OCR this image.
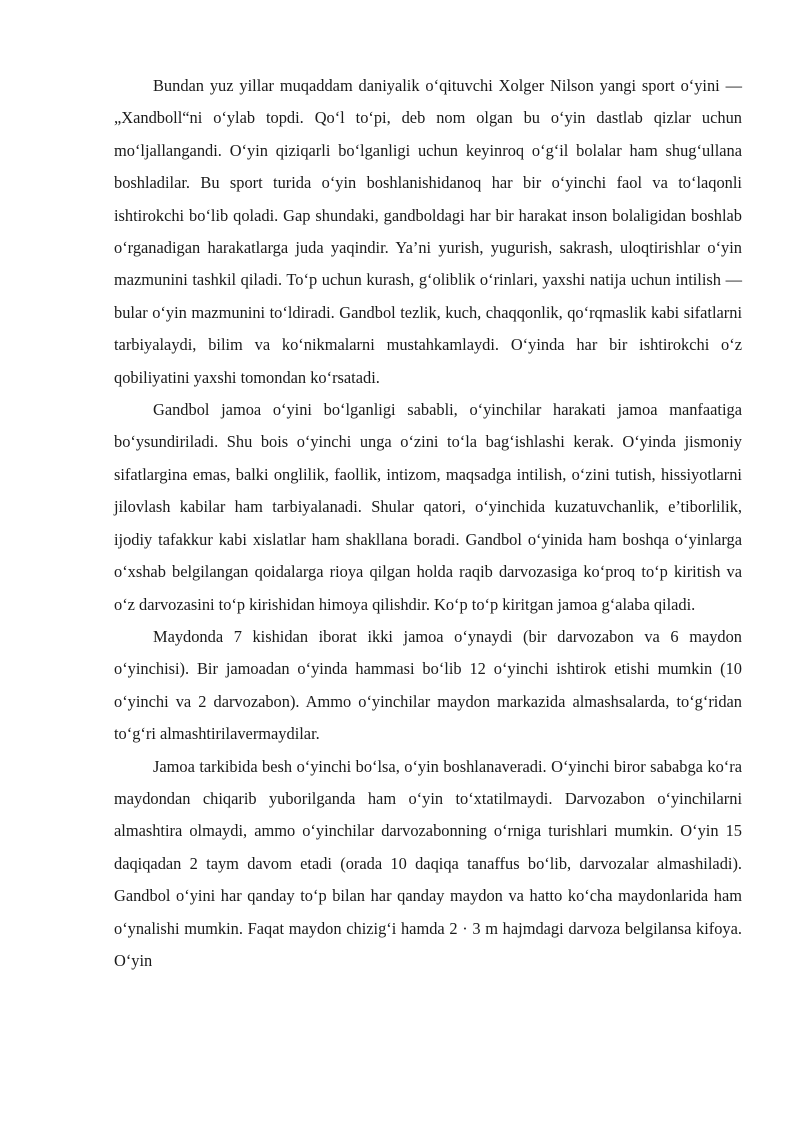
Bundan yuz yillar muqaddam daniyalik o‘qituvchi Xolger Nilson yangi sport o‘yini — „Xandboll“ni o‘ylab topdi. Qo‘l to‘pi, deb nom olgan bu o‘yin dastlab qizlar uchun mo‘ljallangandi. O‘yin qiziqarli bo‘lganligi uchun keyinroq o‘g‘il bolalar ham shug‘ullana boshladilar. Bu sport turida o‘yin boshlanishidanoq har bir o‘yinchi faol va to‘laqonli ishtirokchi bo‘lib qoladi. Gap shundaki, gandboldagi har bir harakat inson bolaligidan boshlab o‘rganadigan harakatlarga juda yaqindir. Ya’ni yurish, yugurish, sakrash, uloqtirishlar o‘yin mazmunini tashkil qiladi. To‘p uchun kurash, g‘oliblik o‘rinlari, yaxshi natija uchun intilish — bular o‘yin mazmunini to‘ldiradi. Gandbol tezlik, kuch, chaqqonlik, qo‘rqmaslik kabi sifatlarni tarbiyalaydi, bilim va ko‘nikmalarni mustahkamlaydi. O‘yinda har bir ishtirokchi o‘z qobiliyatini yaxshi tomondan ko‘rsatadi.

Gandbol jamoa o‘yini bo‘lganligi sababli, o‘yinchilar harakati jamoa manfaatiga bo‘ysundiriladi. Shu bois o‘yinchi unga o‘zini to‘la bag‘ishlashi kerak. O‘yinda jismoniy sifatlargina emas, balki onglilik, faollik, intizom, maqsadga intilish, o‘zini tutish, hissiyotlarni jilovlash kabilar ham tarbiyalanadi. Shular qatori, o‘yinchida kuzatuvchanlik, e’tiborlilik, ijodiy tafakkur kabi xislatlar ham shakllana boradi. Gandbol o‘yinida ham boshqa o‘yinlarga o‘xshab belgilangan qoidalarga rioya qilgan holda raqib darvozasiga ko‘proq to‘p kiritish va o‘z darvozasini to‘p kirishidan himoya qilishdir. Ko‘p to‘p kiritgan jamoa g‘alaba qiladi.

Maydonda 7 kishidan iborat ikki jamoa o‘ynaydi (bir darvozabon va 6 maydon o‘yinchisi). Bir jamoadan o‘yinda hammasi bo‘lib 12 o‘yinchi ishtirok etishi mumkin (10 o‘yinchi va 2 darvozabon). Ammo o‘yinchilar maydon markazida almashsalarda, to‘g‘ridan to‘g‘ri almashtirilavermaydilar.

Jamoa tarkibida besh o‘yinchi bo‘lsa, o‘yin boshlanaveradi. O‘yinchi biror sababga ko‘ra maydondan chiqarib yuborilganda ham o‘yin to‘xtatilmaydi. Darvozabon o‘yinchilarni almashtira olmaydi, ammo o‘yinchilar darvozabonning o‘rniga turishlari mumkin. O‘yin 15 daqiqadan 2 taym davom etadi (orada 10 daqiqa tanaffus bo‘lib, darvozalar almashiladi). Gandbol o‘yini har qanday to‘p bilan har qanday maydon va hatto ko‘cha maydonlarida ham o‘ynalishi mumkin. Faqat maydon chizig‘i hamda 2 · 3 m hajmdagi darvoza belgilansa kifoya. O‘yin
